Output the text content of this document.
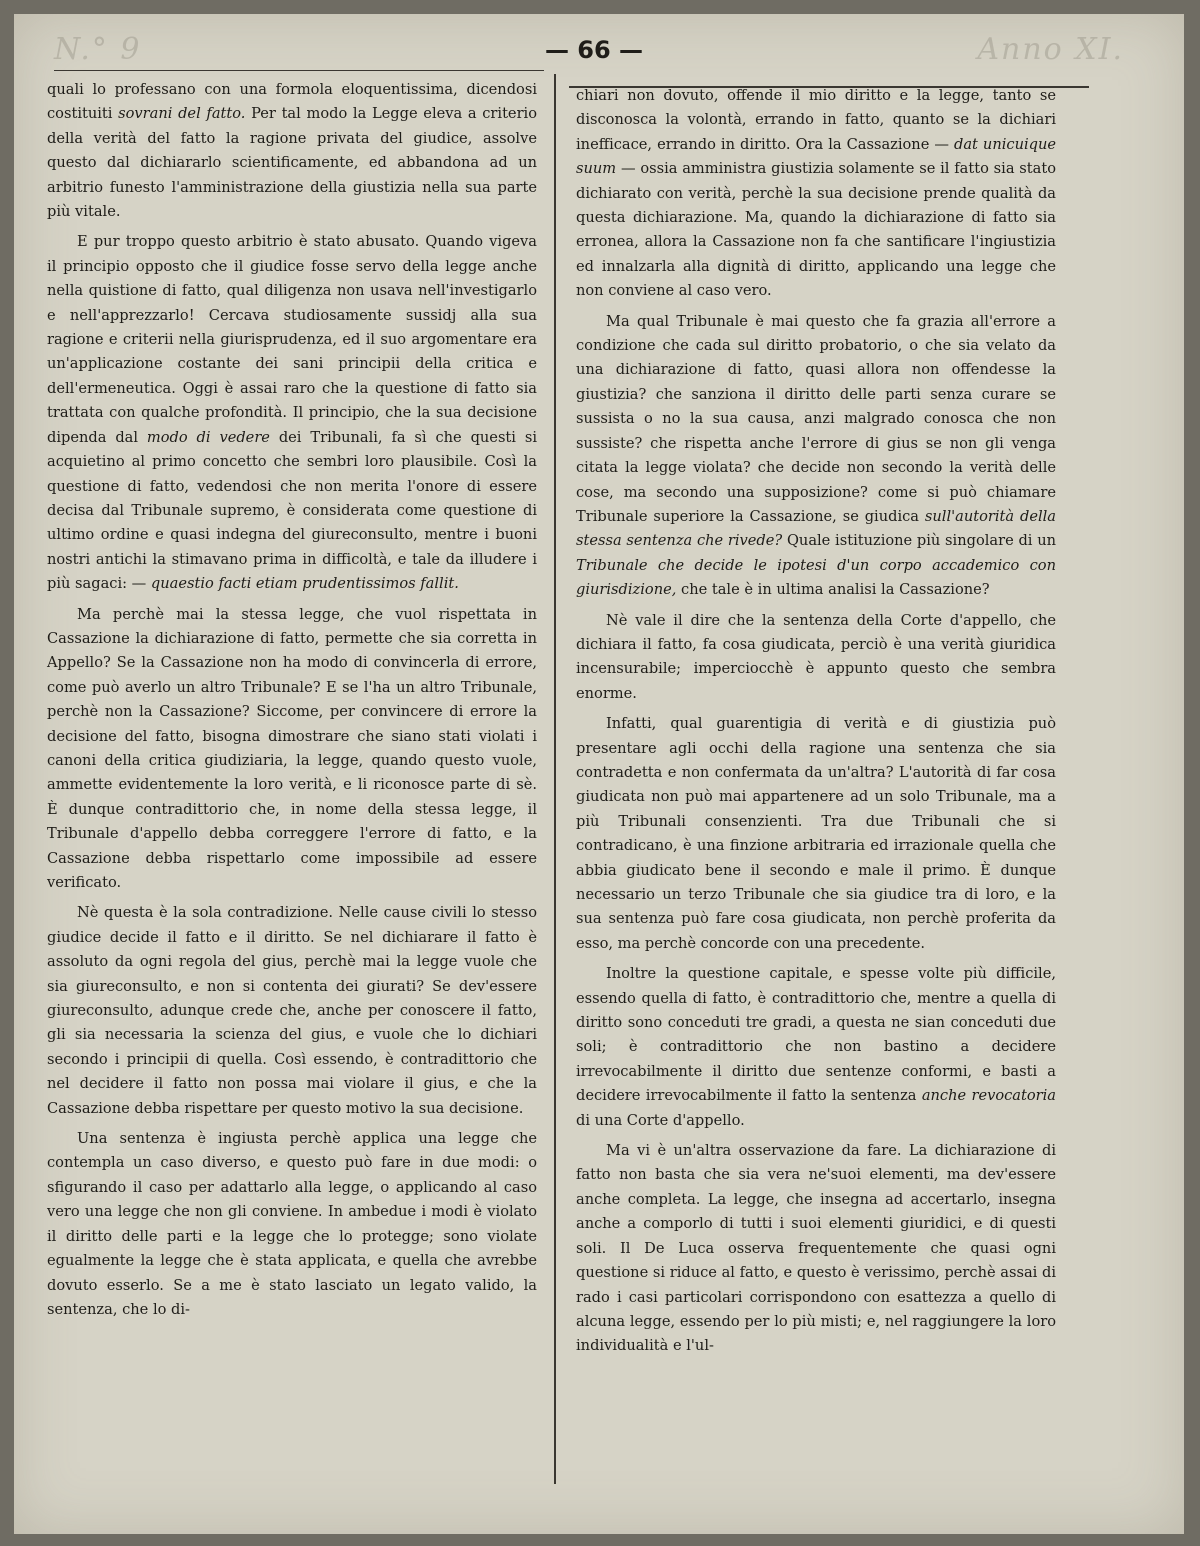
N.° 9	Anno XI.
— 66 —

quali lo professano con una formola eloquentissima, dicendosi costituiti sovrani del fatto. Per tal modo la Legge eleva a criterio della verità del fatto la ragione privata del giudice, assolve questo dal dichiararlo scientificamente, ed abbandona ad un arbitrio funesto l'amministrazione della giustizia nella sua parte più vitale.

E pur troppo questo arbitrio è stato abusato. Quando vigeva il principio opposto che il giudice fosse servo della legge anche nella quistione di fatto, qual diligenza non usava nell'investigarlo e nell'apprezzarlo! Cercava studiosamente sussidj alla sua ragione e criterii nella giurisprudenza, ed il suo argomentare era un'applicazione costante dei sani principii della critica e dell'ermeneutica. Oggi è assai raro che la questione di fatto sia trattata con qualche profondità. Il principio, che la sua decisione dipenda dal modo di vedere dei Tribunali, fa sì che questi si acquietino al primo concetto che sembri loro plausibile. Così la questione di fatto, vedendosi che non merita l'onore di essere decisa dal Tribunale supremo, è considerata come questione di ultimo ordine e quasi indegna del giureconsulto, mentre i buoni nostri antichi la stimavano prima in difficoltà, e tale da illudere i più sagaci: — quaestio facti etiam prudentissimos fallit.

Ma perchè mai la stessa legge, che vuol rispettata in Cassazione la dichiarazione di fatto, permette che sia corretta in Appello? Se la Cassazione non ha modo di convincerla di errore, come può averlo un altro Tribunale? E se l'ha un altro Tribunale, perchè non la Cassazione? Siccome, per convincere di errore la decisione del fatto, bisogna dimostrare che siano stati violati i canoni della critica giudiziaria, la legge, quando questo vuole, ammette evidentemente la loro verità, e li riconosce parte di sè. È dunque contradittorio che, in nome della stessa legge, il Tribunale d'appello debba correggere l'errore di fatto, e la Cassazione debba rispettarlo come impossibile ad essere verificato.

Nè questa è la sola contradizione. Nelle cause civili lo stesso giudice decide il fatto e il diritto. Se nel dichiarare il fatto è assoluto da ogni regola del gius, perchè mai la legge vuole che sia giureconsulto, e non si contenta dei giurati? Se dev'essere giureconsulto, adunque crede che, anche per conoscere il fatto, gli sia necessaria la scienza del gius, e vuole che lo dichiari secondo i principii di quella. Così essendo, è contradittorio che nel decidere il fatto non possa mai violare il gius, e che la Cassazione debba rispettare per questo motivo la sua decisione.

Una sentenza è ingiusta perchè applica una legge che contempla un caso diverso, e questo può fare in due modi: o sfigurando il caso per adattarlo alla legge, o applicando al caso vero una legge che non gli conviene. In ambedue i modi è violato il diritto delle parti e la legge che lo protegge; sono violate egualmente la legge che è stata applicata, e quella che avrebbe dovuto esserlo. Se a me è stato lasciato un legato valido, la sentenza, che lo di-

chiari non dovuto, offende il mio diritto e la legge, tanto se disconosca la volontà, errando in fatto, quanto se la dichiari inefficace, errando in diritto. Ora la Cassazione — dat unicuique suum — ossia amministra giustizia solamente se il fatto sia stato dichiarato con verità, perchè la sua decisione prende qualità da questa dichiarazione. Ma, quando la dichiarazione di fatto sia erronea, allora la Cassazione non fa che santificare l'ingiustizia ed innalzarla alla dignità di diritto, applicando una legge che non conviene al caso vero.

Ma qual Tribunale è mai questo che fa grazia all'errore a condizione che cada sul diritto probatorio, o che sia velato da una dichiarazione di fatto, quasi allora non offendesse la giustizia? che sanziona il diritto delle parti senza curare se sussista o no la sua causa, anzi malgrado conosca che non sussiste? che rispetta anche l'errore di gius se non gli venga citata la legge violata? che decide non secondo la verità delle cose, ma secondo una supposizione? come si può chiamare Tribunale superiore la Cassazione, se giudica sull'autorità della stessa sentenza che rivede? Quale istituzione più singolare di un Tribunale che decide le ipotesi d'un corpo accademico con giurisdizione, che tale è in ultima analisi la Cassazione?

Nè vale il dire che la sentenza della Corte d'appello, che dichiara il fatto, fa cosa giudicata, perciò è una verità giuridica incensurabile; imperciocchè è appunto questo che sembra enorme.

Infatti, qual guarentigia di verità e di giustizia può presentare agli occhi della ragione una sentenza che sia contradetta e non confermata da un'altra? L'autorità di far cosa giudicata non può mai appartenere ad un solo Tribunale, ma a più Tribunali consenzienti. Tra due Tribunali che si contradicano, è una finzione arbitraria ed irrazionale quella che abbia giudicato bene il secondo e male il primo. È dunque necessario un terzo Tribunale che sia giudice tra di loro, e la sua sentenza può fare cosa giudicata, non perchè proferita da esso, ma perchè concorde con una precedente.

Inoltre la questione capitale, e spesse volte più difficile, essendo quella di fatto, è contradittorio che, mentre a quella di diritto sono conceduti tre gradi, a questa ne sian conceduti due soli; è contradittorio che non bastino a decidere irrevocabilmente il diritto due sentenze conformi, e basti a decidere irrevocabilmente il fatto la sentenza anche revocatoria di una Corte d'appello.

Ma vi è un'altra osservazione da fare. La dichiarazione di fatto non basta che sia vera ne'suoi elementi, ma dev'essere anche completa. La legge, che insegna ad accertarlo, insegna anche a comporlo di tutti i suoi elementi giuridici, e di questi soli. Il De Luca osserva frequentemente che quasi ogni questione si riduce al fatto, e questo è verissimo, perchè assai di rado i casi particolari corrispondono con esattezza a quello di alcuna legge, essendo per lo più misti; e, nel raggiungere la loro individualità e l'ul-
